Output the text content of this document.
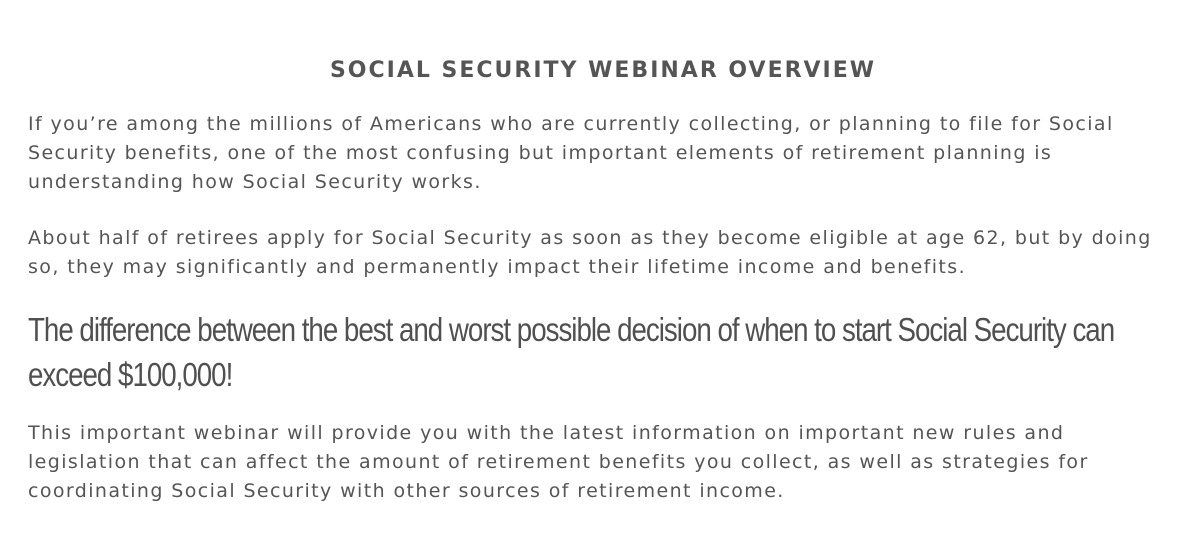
SOCIAL SECURITY WEBINAR OVERVIEW

If you’re among the millions of Americans who are currently collecting, or planning to file for Social Security benefits, one of the most confusing but important elements of retirement planning is understanding how Social Security works.

About half of retirees apply for Social Security as soon as they become eligible at age 62, but by doing so, they may significantly and permanently impact their lifetime income and benefits.

The difference between the best and worst possible decision of when to start Social Security can exceed $100,000!

This important webinar will provide you with the latest information on important new rules and legislation that can affect the amount of retirement benefits you collect, as well as strategies for coordinating Social Security with other sources of retirement income.
